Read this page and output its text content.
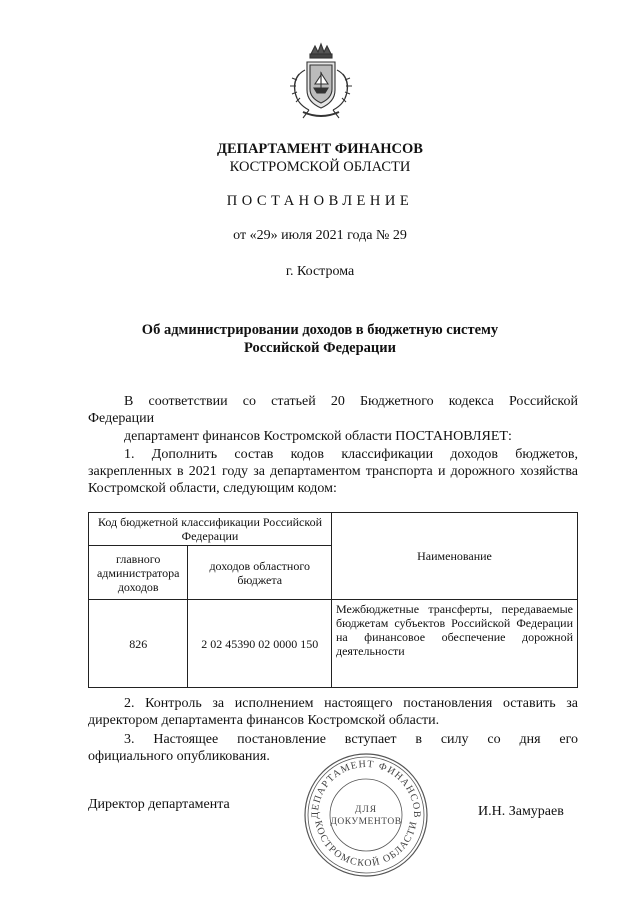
ДЕПАРТАМЕНТ ФИНАНСОВ
КОСТРОМСКОЙ ОБЛАСТИ
ПОСТАНОВЛЕНИЕ
от «29» июля 2021 года № 29
г. Кострома
Об администрировании доходов в бюджетную систему
Российской Федерации
В соответствии со статьей 20 Бюджетного кодекса Российской
Федерации
департамент финансов Костромской области ПОСТАНОВЛЯЕТ:
1. Дополнить состав кодов классификации доходов бюджетов, закрепленных в 2021 году за департаментом транспорта и дорожного хозяйства Костромской области, следующим кодом:
Код бюджетной классификации Российской Федерации		Наименование
главного администратора доходов	доходов областного бюджета	
826	2 02 45390 02 0000 150	Межбюджетные трансферты, передаваемые бюджетам субъектов Российской Федерации на финансовое обеспечение дорожной деятельности
2. Контроль за исполнением настоящего постановления оставить за директором департамента финансов Костромской области.
3. Настоящее постановление вступает в силу со дня его
официального опубликования.
ДЕПАРТАМЕНТ ФИНАНСОВ
КОСТРОМСКОЙ ОБЛАСТИ
ДЛЯ
ДОКУМЕНТОВ
Директор департамента	И.Н. Замураев
